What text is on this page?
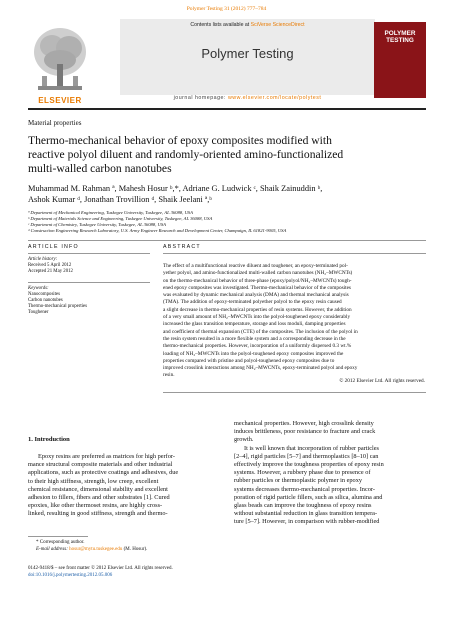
Polymer Testing 31 (2012) 777–784
ELSEVIER
Contents lists available at SciVerse ScienceDirect
Polymer Testing
journal homepage: www.elsevier.com/locate/polytest
POLYMER TESTING
Material properties
Thermo-mechanical behavior of epoxy composites modified with
reactive polyol diluent and randomly-oriented amino-functionalized
multi-walled carbon nanotubes
Muhammad M. Rahman ª, Mahesh Hosur ᵇ,*, Adriane G. Ludwick ᶜ, Shaik Zainuddin ᵇ,
Ashok Kumar ᵈ, Jonathan Trovillion ᵈ, Shaik Jeelani ª,ᵇ
ª Department of Mechanical Engineering, Tuskegee University, Tuskegee, AL 36088, USA
ᵇ Department of Materials Science and Engineering, Tuskegee University, Tuskegee, AL 36088, USA
ᶜ Department of Chemistry, Tuskegee University, Tuskegee, AL 36088, USA
ᵈ Construction Engineering Research Laboratory, U.S. Army Engineer Research and Development Center, Champaign, IL 61821-9005, USA
ARTICLE INFO
Article history:
Received 5 April 2012
Accepted 21 May 2012
Keywords:
Nanocomposites
Carbon nanotubes
Thermo-mechanical properties
Toughener
ABSTRACT
The effect of a multifunctional reactive diluent and toughener, an epoxy-terminated pol-
yether polyol, and amino-functionalized multi-walled carbon nanotubes (NH₂–MWCNTs)
on the thermo-mechanical behavior of three-phase (epoxy/polyol/NH₂–MWCNTs) tough-
ened epoxy composites was investigated. Thermo-mechanical behavior of the composites
was evaluated by dynamic mechanical analysis (DMA) and thermal mechanical analysis
(TMA). The addition of epoxy-terminated polyether polyol to the epoxy resin caused
a slight decrease in thermo-mechanical properties of resin systems. However, the addition
of a very small amount of NH₂–MWCNTs into the polyol-toughened epoxy considerably
increased the glass transition temperature, storage and loss moduli, damping properties
and coefficient of thermal expansion (CTE) of the composites. The inclusion of the polyol in
the resin system resulted in a more flexible system and a corresponding decrease in the
thermo-mechanical properties. However, incorporation of a uniformly dispersed 0.3 wt.%
loading of NH₂–MWCNTs into the polyol-toughened epoxy composites improved the
properties compared with pristine and polyol-toughened epoxy composites due to
improved crosslink interactions among NH₂–MWCNTs, epoxy-terminated polyol and epoxy
resin.
© 2012 Elsevier Ltd. All rights reserved.
1. Introduction
Epoxy resins are preferred as matrices for high perfor-
mance structural composite materials and other industrial
applications, such as protective coatings and adhesives, due
to their high stiffness, strength, low creep, excellent
chemical resistance, dimensional stability and excellent
adhesion to fillers, fibers and other substrates [1]. Cured
epoxies, like other thermoset resins, are highly cross-
linked, resulting in good stiffness, strength and thermo-
mechanical properties. However, high crosslink density
induces brittleness, poor resistance to fracture and crack
growth.
It is well known that incorporation of rubber particles
[2–4], rigid particles [5–7] and thermoplastics [8–10] can
effectively improve the toughness properties of epoxy resin
systems. However, a rubbery phase due to presence of
rubber particles or thermoplastic polymer in epoxy
systems decreases thermo-mechanical properties. Incor-
poration of rigid particle fillers, such as silica, alumina and
glass beads can improve the toughness of epoxy resins
without substantial reduction in glass transition tempera-
ture [5–7]. However, in comparison with rubber-modified
* Corresponding author.
E-mail address: hosur@mytu.tuskegee.edu (M. Hosur).
0142-9418/$ – see front matter © 2012 Elsevier Ltd. All rights reserved.
doi:10.1016/j.polymertesting.2012.05.006
